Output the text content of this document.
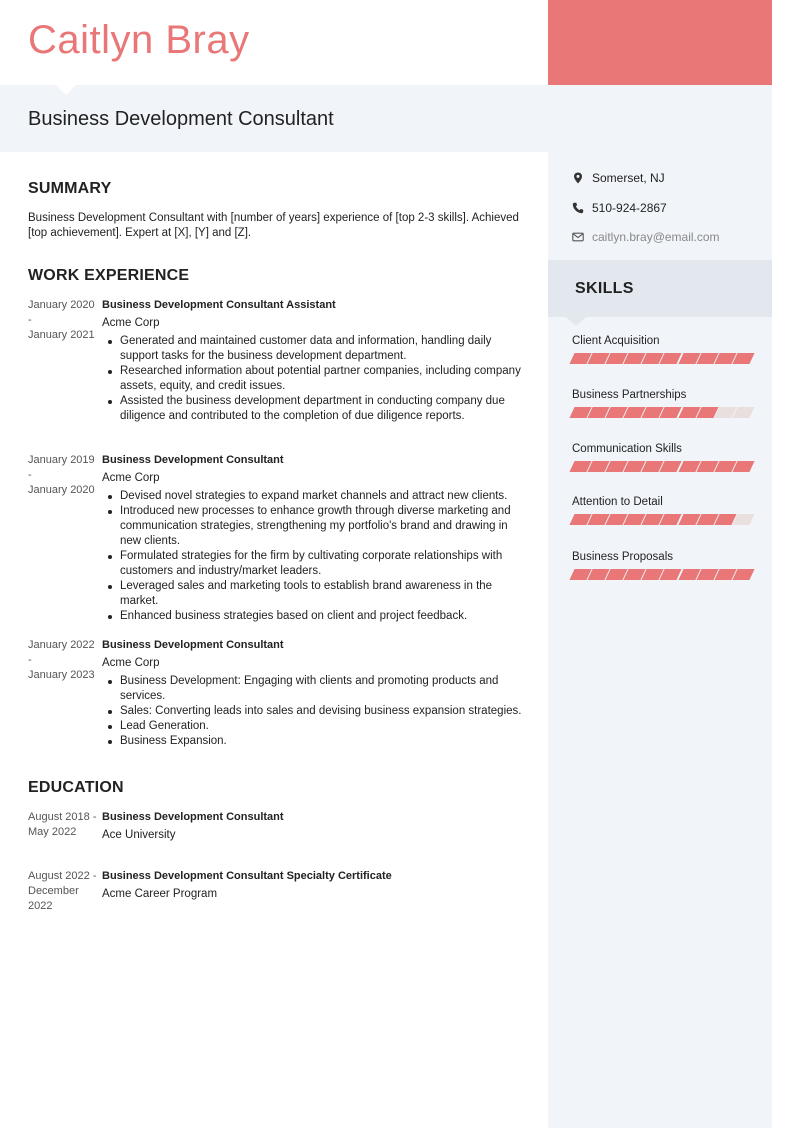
Caitlyn Bray
Business Development Consultant
Somerset, NJ
510-924-2867
caitlyn.bray@email.com
SKILLS
Client Acquisition
Business Partnerships
Communication Skills
Attention to Detail
Business Proposals
SUMMARY

Business Development Consultant with [number of years] experience of [top 2-3 skills]. Achieved [top achievement]. Expert at [X], [Y] and [Z].

WORK EXPERIENCE
January 2020
-
January 2021
Business Development Consultant Assistant
Acme Corp
Generated and maintained customer data and information, handling daily support tasks for the business development department.
Researched information about potential partner companies, including company assets, equity, and credit issues.
Assisted the business development department in conducting company due diligence and contributed to the completion of due diligence reports.
January 2019
-
January 2020
Business Development Consultant
Acme Corp
Devised novel strategies to expand market channels and attract new clients.
Introduced new processes to enhance growth through diverse marketing and communication strategies, strengthening my portfolio's brand and drawing in new clients.
Formulated strategies for the firm by cultivating corporate relationships with customers and industry/market leaders.
Leveraged sales and marketing tools to establish brand awareness in the market.
Enhanced business strategies based on client and project feedback.
January 2022
-
January 2023
Business Development Consultant
Acme Corp
Business Development: Engaging with clients and promoting products and services.
Sales: Converting leads into sales and devising business expansion strategies.
Lead Generation.
Business Expansion.
EDUCATION
August 2018 - May 2022
Business Development Consultant
Ace University
August 2022 - December 2022
Business Development Consultant Specialty Certificate
Acme Career Program
